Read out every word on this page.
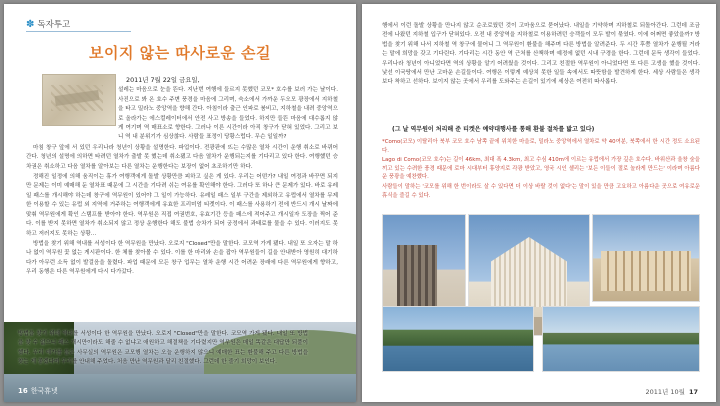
✽ 독자투고
보이지 않는 따사로운 손길

2011년 7월 22일 금요일,

설레는 마음으로 눈을 뜬다. 지난번 여행에 들르지 못했던 코모* 호수를 보러 가는 날이다. 사진으로 봐 온 호수 주변 풍경을 마음에 그리며, 숙소에서 가까운 두오모 광장에서 지하철을 타고 밀라노 중앙역을 향해 간다. 아침이라 출근 인파로 붐비고, 지하철을 내려 중앙역으로 올라가는 에스컬레이터에서 안전 사고 방송을 들었다. 하지만 들뜬 마음에 대수롭지 않게 여기며 역 매표소로 향한다. 그러나 이른 시간이라 아직 창구가 닫혀 있었다. 그리고 보니 역 내 분위기가 심상찮다. 사람들 표정이 당황스럽다. 무슨 일일까?

마침 창구 앞에 서 있던 우리나라 청년이 상황을 설명한다. 파업이다. 전광판에 뜨는 수많은 열차 시간이 운행 취소로 바뀌어 간다. 청년의 설명에 의하면 타려던 열차가 출발 못 했는데 취소됐고 다음 열차가 운행되는지를 기다리고 있다 한다. 여행했던 승차권은 취소하고 다음 열차를 알아보는 다른 열차는 운행한다는 보장이 없어 초조하기만 하다.

정해진 일정에 의해 움직이는 휴가 여행객에게 돌발 상황만큼 피하고 싶은 게 있다. 우리는 어떤가? 내일 여정과 바꾸면 되지만 문제는 이미 예매해 둔 열차표 때문에 그 시간을 기다려 쉬는 여유를 확인해야 한다. 그러다 또 하나 큰 문제가 있다. 바로 유레일 패스를 개시해야 하는데 창구에 역무원이 있어야 그 일이 가능하다. 유레일 패스 일부 구간을 제외하고 유럽에서 열차를 무제한 이용할 수 있는 유럽 외 지역에 거주하는 여행객에게 유효한 프리미엄 티켓이다. 이 패스를 사용하기 전에 반드시 개시 날짜에 맞춰 역무원에게 확인 스탬프를 받아야 한다. 역무원은 직접 여권번호, 유효기간 등을 패스에 적어주고 개시일자 도장을 찍어 준다. 이를 받지 못하면 열차가 취소되지 않고 정상 운행한다 해도 불법 승차가 되어 궁정에서 과태료를 물을 수 있다. 이러지도 못하고 저러지도 못하는 상황…

방법을 찾기 위해 역내를 서성이다 한 역무원을 만났다. 오로지 "Closed"만을 말한다. 코모역 가게 됐다. 내일 또 오자는 말 하나 없이 역무원 꽃 없는 게시판이다. 한 체를 찾아볼 수 있다. 이를 한 마리와 손을 잡아 역무원들이 길을 안내받아 영원히 대기하다가 아무런 소득 없이 발걸음을 돌렸다. 파업 때문에 모든 창구 업무는 열차 운행 시간 어려운 장래에 다른 역무원에게 향하고, 우리 동행은 다른 역무원에게 다시 다가갔다.

방법을 찾기 위해 역내를 서성이다 한 역무원을 만났다. 오로지 "Closed"만을 말한다. 코모역 가게 됐다. 내일 또 방법을 찾 수 없으니 패스 개시만이라도 해줄 수 없냐고 애원하고 해결책을 기다렸지만 역무원은 매일 똑같은 대답만 되풀이했다. 우리 예가를 들은 사무실의 역무원은 코모행 열차는 오늘 운행하지 않으니 예매한 표는 환불해 주고 다른 방법을 찾는 게 좋겠다며 우리를 안내해 주었다. 처음 만난 역무원과 달리 친절했다. 그런데 한 줄기 희망이 보인다.
16 한국휴넷

행에서 이런 돌발 상황을 만나지 않고 순조로웠던 것이 고마움으로 묻어났다. 내일을 기약하며 지하철로 되돌아간다. 그런데 조금 전에 나왔던 지하철 입구가 닫혀있다. 오전 내 중앙역을 지하철로 이용하려던 승객들이 모두 발이 묶였다. 이에 어쩌면 좋았을까? 방법을 찾기 위해 나서 지하철 역 창구에 물어니 그 역무원이 환불을 해주며 다른 방법을 알려준다. 두 시간 후쯤 열차가 운행될 거라는 말에 희망을 갖고 기다린다. 기다리는 시간 동안 역 근처를 산책하며 예정에 없던 시내 구경을 한다. 그런데 문득 생각이 들었다. 우리나라 청년이 아니었다면 역의 상황을 알기 어려웠을 것이다. 그리고 친절한 역무원이 아니었다면 또 다른 고생을 했을 것이다. 낯선 이국땅에서 만난 고마운 손길들이다. 여행은 이렇게 예상치 못한 일들 속에서도 따뜻함을 발견하게 한다. 세상 사람들은 생각보다 착하고 선하다. 보이지 않는 곳에서 우리를 도와주는 손길이 있기에 세상은 여전히 따사롭다.

(그 날 역무원이 처리해 준 티켓은 예약대행사를 통해 환불 절차를 밟고 있다)

*Como(코모) 이탈리아 북부 코모 호수 남쪽 끝에 위치한 마을로, 밀라노 중앙역에서 열차로 약 40여분, 북쪽에서 한 시간 정도 소요된다.

Lago di Como(코모 호수)는 길이 46km, 최대 폭 4.3km, 최고 수심 410m에 이르는 유럽에서 가장 깊은 호수다. 바위산과 울창 숲을 끼고 있는 수려한 풍경 때문에 로마 시대부터 휴양지로 각광 받았고, 영국 시인 셸리는 '보든 이들이 절로 놀라게 만드는' 이라며 아름다운 풍광을 예찬했다.

사람들이 말하는 '코모를 위해 한 번이라도 살 수 있다면 더 이상 바랄 것이 없다'는 말이 있을 만큼 고요하고 아름다운 곳으로 여유로운 휴식을 즐길 수 있다.

2011년 10월 17
